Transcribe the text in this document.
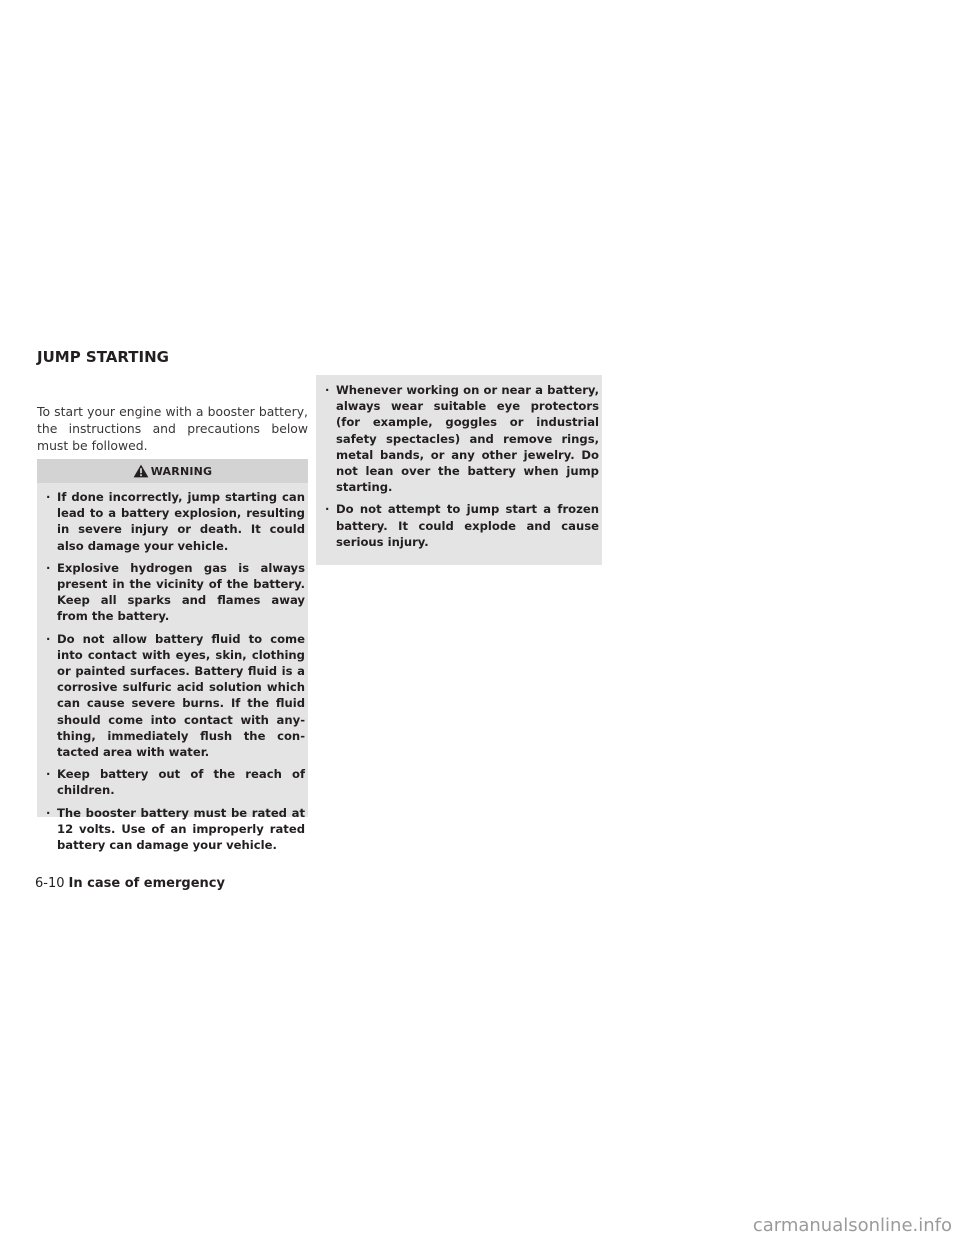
JUMP STARTING

To start your engine with a booster battery, the instructions and precautions below must be followed.

WARNING
· If done incorrectly, jump starting can lead to a battery explosion, resulting in severe injury or death. It could also damage your vehicle.
· Explosive hydrogen gas is always present in the vicinity of the battery. Keep all sparks and flames away from the battery.
· Do not allow battery fluid to come into contact with eyes, skin, clothing or painted surfaces. Battery fluid is a corrosive sulfuric acid solution which can cause severe burns. If the fluid should come into contact with anything, immediately flush the contacted area with water.
· Keep battery out of the reach of children.
· The booster battery must be rated at 12 volts. Use of an improperly rated battery can damage your vehicle.
· Whenever working on or near a battery, always wear suitable eye protectors (for example, goggles or industrial safety spectacles) and remove rings, metal bands, or any other jewelry. Do not lean over the battery when jump starting.
· Do not attempt to jump start a frozen battery. It could explode and cause serious injury.
6-10 In case of emergency
carmanualsonline.info
